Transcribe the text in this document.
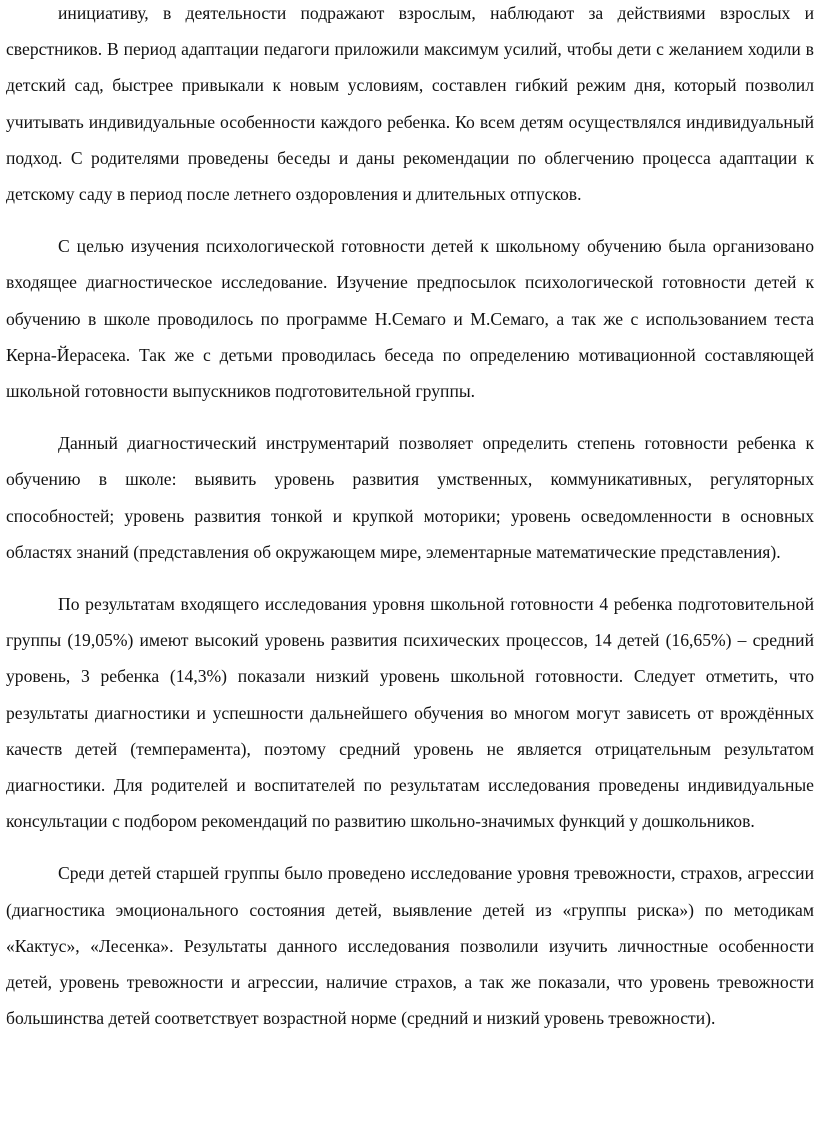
инициативу, в деятельности подражают взрослым, наблюдают за действиями взрослых и сверстников. В период адаптации педагоги приложили максимум усилий, чтобы дети с желанием ходили в детский сад, быстрее привыкали к новым условиям, составлен гибкий режим дня, который позволил учитывать индивидуальные особенности каждого ребенка. Ко всем детям осуществлялся индивидуальный подход. С родителями проведены беседы и даны рекомендации по облегчению процесса адаптации к детскому саду в период после летнего оздоровления и длительных отпусков.

С целью изучения психологической готовности детей к школьному обучению была организовано входящее диагностическое исследование. Изучение предпосылок психологической готовности детей к обучению в школе проводилось по программе Н.Семаго и М.Семаго, а так же с использованием теста Керна-Йерасека. Так же с детьми проводилась беседа по определению мотивационной составляющей школьной готовности выпускников подготовительной группы.

Данный диагностический инструментарий позволяет определить степень готовности ребенка к обучению в школе: выявить уровень развития умственных, коммуникативных, регуляторных способностей; уровень развития тонкой и крупкой моторики; уровень осведомленности в основных областях знаний (представления об окружающем мире, элементарные математические представления).

По результатам входящего исследования уровня школьной готовности 4 ребенка подготовительной группы (19,05%) имеют высокий уровень развития психических процессов, 14 детей (16,65%) – средний уровень, 3 ребенка (14,3%) показали низкий уровень школьной готовности. Следует отметить, что результаты диагностики и успешности дальнейшего обучения во многом могут зависеть от врождённых качеств детей (темперамента), поэтому средний уровень не является отрицательным результатом диагностики. Для родителей и воспитателей по результатам исследования проведены индивидуальные консультации с подбором рекомендаций по развитию школьно-значимых функций у дошкольников.

Среди детей старшей группы было проведено исследование уровня тревожности, страхов, агрессии (диагностика эмоционального состояния детей, выявление детей из «группы риска») по методикам «Кактус», «Лесенка». Результаты данного исследования позволили изучить личностные особенности детей, уровень тревожности и агрессии, наличие страхов, а так же показали, что уровень тревожности большинства детей соответствует возрастной норме (средний и низкий уровень тревожности).
